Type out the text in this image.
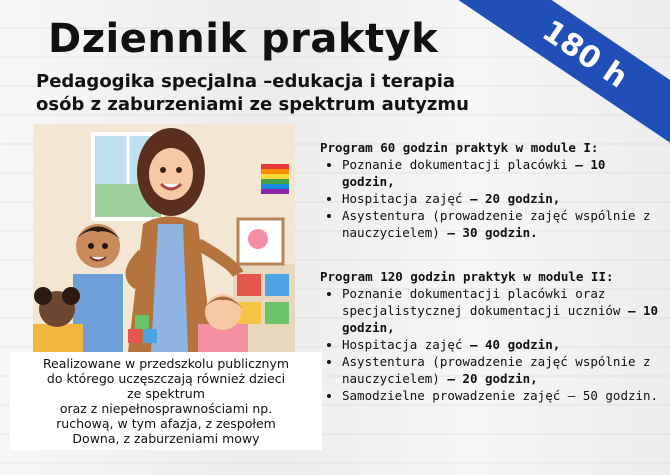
Dziennik praktyk
Pedagogika specjalna –edukacja i terapia
osób z zaburzeniami ze spektrum autyzmu
180 h
Realizowane w przedszkolu publicznym
do którego uczęszczają również dzieci
ze spektrum
oraz z niepełnosprawnościami np.
ruchową, w tym afazja, z zespołem
Downa, z zaburzeniami mowy
Program 60 godzin praktyk w module I:
• Poznanie dokumentacji placówki – 10 godzin,
• Hospitacja zajęć – 20 godzin,
• Asystentura (prowadzenie zajęć wspólnie z nauczycielem) – 30 godzin.
Program 120 godzin praktyk w module II:
• Poznanie dokumentacji placówki oraz specjalistycznej dokumentacji uczniów – 10 godzin,
• Hospitacja zajęć – 40 godzin,
• Asystentura (prowadzenie zajęć wspólnie z nauczycielem) – 20 godzin,
• Samodzielne prowadzenie zajęć – 50 godzin.
